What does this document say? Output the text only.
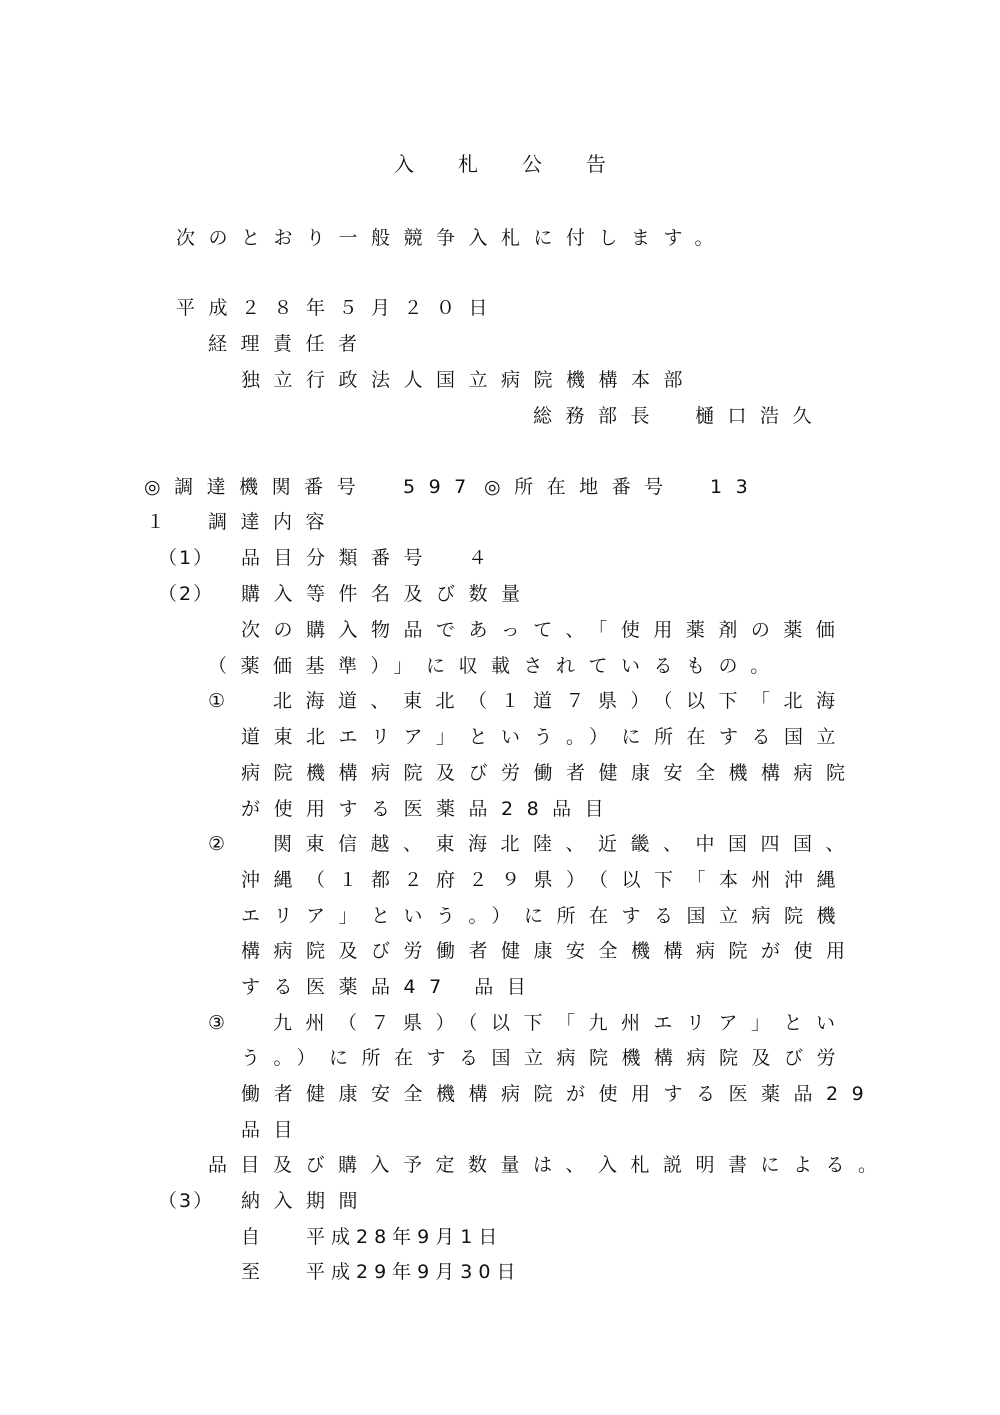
入札公告

次のとおり一般競争入札に付します。

平成２８年５月２０日

経理責任者

独立行政法人国立病院機構本部

総務部長 樋口浩久
◎調達機関番号 597 ◎所在地番号 13
１ 調達内容
（1） 品目分類番号 ４
（2） 購入等件名及び数量

次の購入物品であって、「使用薬剤の薬価

（薬価基準）」に収載されているもの。

① 北海道、東北（１道７県）（以下「北海

道東北エリア」という。）に所在する国立

病院機構病院及び労働者健康安全機構病院

が使用する医薬品28品目

② 関東信越、東海北陸、近畿、中国四国、

沖縄（１都２府２９県）（以下「本州沖縄

エリア」という。）に所在する国立病院機

構病院及び労働者健康安全機構病院が使用

する医薬品47 品目

③ 九州（７県）（以下「九州エリア」とい

う。）に所在する国立病院機構病院及び労

働者健康安全機構病院が使用する医薬品29

品目

品目及び購入予定数量は、入札説明書による。

（3） 納入期間
自 平成28年9月1日
至 平成29年9月30日
